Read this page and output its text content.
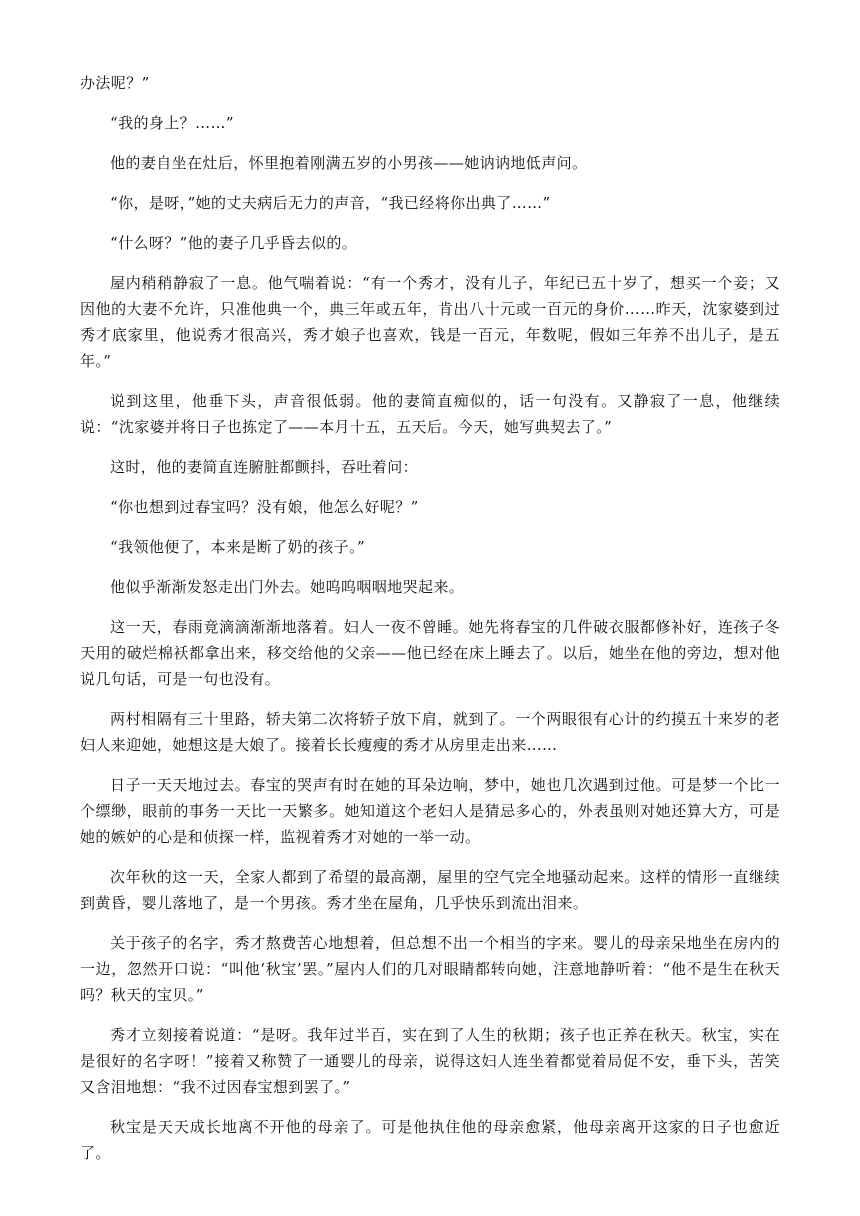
办法呢？”

“我的身上？……”

他的妻自坐在灶后，怀里抱着刚满五岁的小男孩——她讷讷地低声问。

“你，是呀，”她的丈夫病后无力的声音，“我已经将你出典了……”

“什么呀？”他的妻子几乎昏去似的。

屋内稍稍静寂了一息。他气喘着说：“有一个秀才，没有儿子，年纪已五十岁了，想买一个妾；又因他的大妻不允许，只准他典一个，典三年或五年，肯出八十元或一百元的身价……昨天，沈家婆到过秀才底家里，他说秀才很高兴，秀才娘子也喜欢，钱是一百元，年数呢，假如三年养不出儿子，是五年。”

说到这里，他垂下头，声音很低弱。他的妻简直痴似的，话一句没有。又静寂了一息，他继续说：“沈家婆并将日子也拣定了——本月十五，五天后。今天，她写典契去了。”

这时，他的妻简直连腑脏都颤抖，吞吐着问：

“你也想到过春宝吗？没有娘，他怎么好呢？”

“我领他便了，本来是断了奶的孩子。”

他似乎渐渐发怒走出门外去。她呜呜咽咽地哭起来。

这一天，春雨竟滴滴渐渐地落着。妇人一夜不曾睡。她先将春宝的几件破衣服都修补好，连孩子冬天用的破烂棉袄都拿出来，移交给他的父亲——他已经在床上睡去了。以后，她坐在他的旁边，想对他说几句话，可是一句也没有。

两村相隔有三十里路，轿夫第二次将轿子放下肩，就到了。一个两眼很有心计的约摸五十来岁的老妇人来迎她，她想这是大娘了。接着长长瘦瘦的秀才从房里走出来……

日子一天天地过去。春宝的哭声有时在她的耳朵边响，梦中，她也几次遇到过他。可是梦一个比一个缥缈，眼前的事务一天比一天繁多。她知道这个老妇人是猜忌多心的，外表虽则对她还算大方，可是她的嫉妒的心是和侦探一样，监视着秀才对她的一举一动。

次年秋的这一天，全家人都到了希望的最高潮，屋里的空气完全地骚动起来。这样的情形一直继续到黄昏，婴儿落地了，是一个男孩。秀才坐在屋角，几乎快乐到流出泪来。

关于孩子的名字，秀才熬费苦心地想着，但总想不出一个相当的字来。婴儿的母亲呆地坐在房内的一边，忽然开口说：“叫他‘秋宝’罢。”屋内人们的几对眼睛都转向她，注意地静听着：“他不是生在秋天吗？秋天的宝贝。”

秀才立刻接着说道：“是呀。我年过半百，实在到了人生的秋期；孩子也正养在秋天。秋宝，实在是很好的名字呀！”接着又称赞了一通婴儿的母亲，说得这妇人连坐着都觉着局促不安，垂下头，苦笑又含泪地想：“我不过因春宝想到罢了。”

秋宝是天天成长地离不开他的母亲了。可是他执住他的母亲愈紧，他母亲离开这家的日子也愈近了。
